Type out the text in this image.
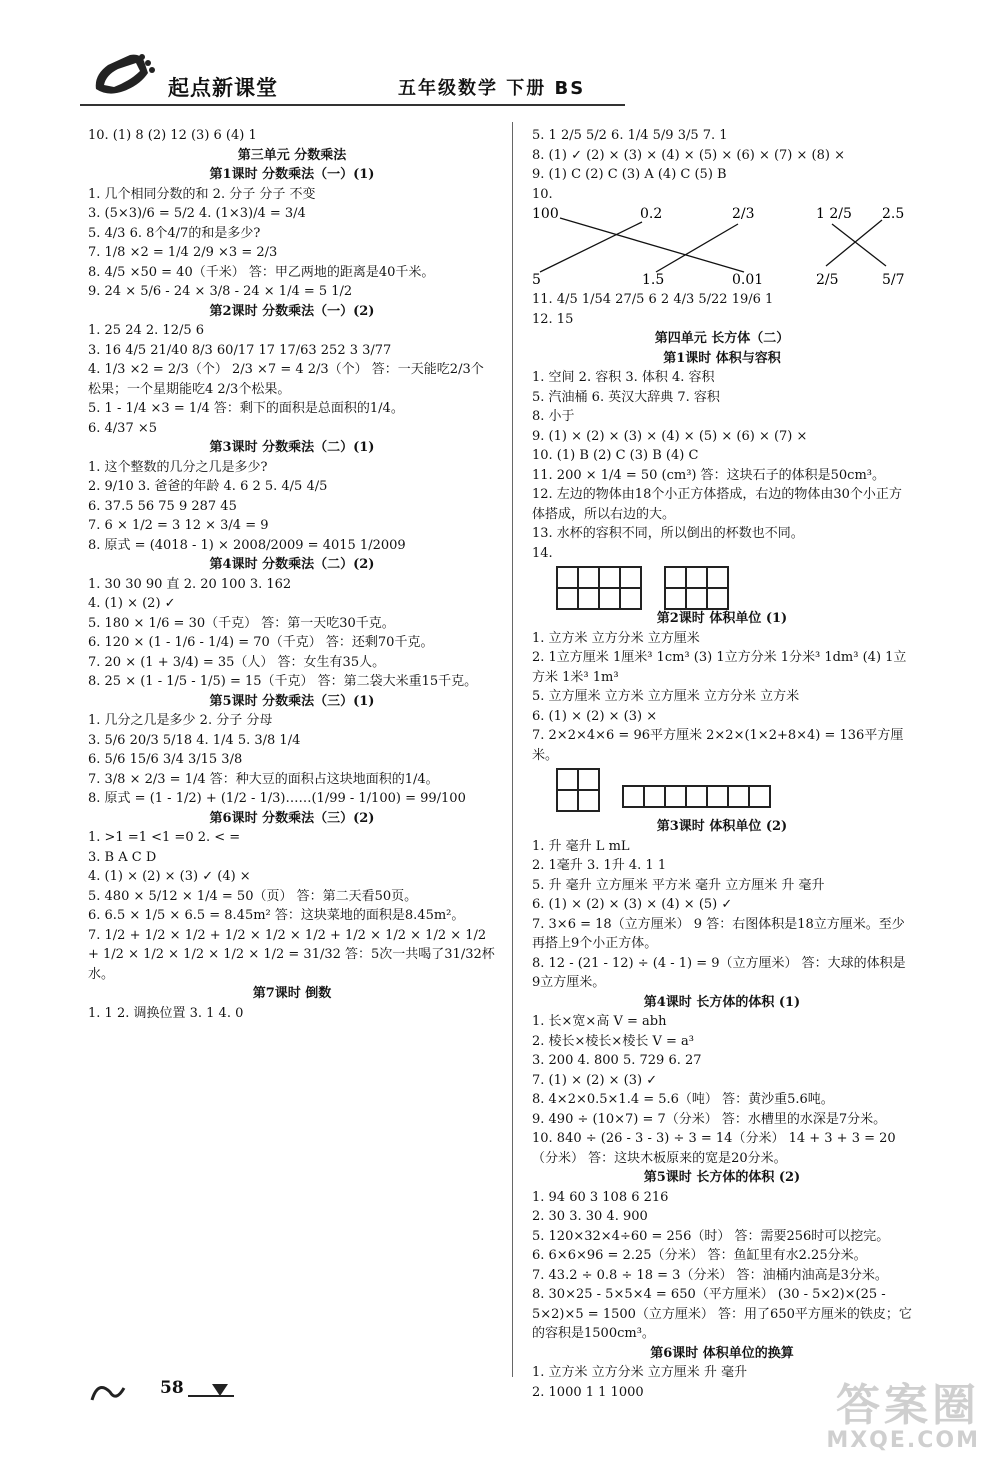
起点新课堂	五年级数学 下册 BS

10. (1) 8 (2) 12 (3) 6 (4) 1

第三单元 分数乘法

第1课时 分数乘法（一）(1)

1. 几个相同分数的和 2. 分子 分子 不变

3. (5×3)/6 = 5/2 4. (1×3)/4 = 3/4

5. 4/3 6. 8个4/7的和是多少?

7. 1/8 ×2 = 1/4 2/9 ×3 = 2/3

8. 4/5 ×50 = 40（千米） 答：甲乙两地的距离是40千米。

9. 24 × 5/6 - 24 × 3/8 - 24 × 1/4 = 5 1/2

第2课时 分数乘法（一）(2)

1. 25 24 2. 12/5 6

3. 16 4/5 21/40 8/3 60/17 17 17/63 252 3 3/77

4. 1/3 ×2 = 2/3（个） 2/3 ×7 = 4 2/3（个） 答：一天能吃2/3个松果；一个星期能吃4 2/3个松果。

5. 1 - 1/4 ×3 = 1/4 答：剩下的面积是总面积的1/4。

6. 4/37 ×5

第3课时 分数乘法（二）(1)

1. 这个整数的几分之几是多少?

2. 9/10 3. 爸爸的年龄 4. 6 2 5. 4/5 4/5

6. 37.5 56 75 9 287 45

7. 6 × 1/2 = 3 12 × 3/4 = 9

8. 原式 = (4018 - 1) × 2008/2009 = 4015 1/2009

第4课时 分数乘法（二）(2)

1. 30 30 90 直 2. 20 100 3. 162

4. (1) × (2) ✓

5. 180 × 1/6 = 30（千克） 答：第一天吃30千克。

6. 120 × (1 - 1/6 - 1/4) = 70（千克） 答：还剩70千克。

7. 20 × (1 + 3/4) = 35（人） 答：女生有35人。

8. 25 × (1 - 1/5 - 1/5) = 15（千克） 答：第二袋大米重15千克。

第5课时 分数乘法（三）(1)

1. 几分之几是多少 2. 分子 分母

3. 5/6 20/3 5/18 4. 1/4 5. 3/8 1/4

6. 5/6 15/6 3/4 3/15 3/8

7. 3/8 × 2/3 = 1/4 答：种大豆的面积占这块地面积的1/4。

8. 原式 = (1 - 1/2) + (1/2 - 1/3)……(1/99 - 1/100) = 99/100

第6课时 分数乘法（三）(2)

1. >1 =1 <1 =0 2. < =

3. B A C D

4. (1) × (2) × (3) ✓ (4) ×

5. 480 × 5/12 × 1/4 = 50（页） 答：第二天看50页。

6. 6.5 × 1/5 × 6.5 = 8.45m² 答：这块菜地的面积是8.45m²。

7. 1/2 + 1/2 × 1/2 + 1/2 × 1/2 × 1/2 + 1/2 × 1/2 × 1/2 × 1/2 + 1/2 × 1/2 × 1/2 × 1/2 × 1/2 = 31/32 答：5次一共喝了31/32杯水。

第7课时 倒数

1. 1 2. 调换位置 3. 1 4. 0

5. 1 2/5 5/2 6. 1/4 5/9 3/5 7. 1

8. (1) ✓ (2) × (3) × (4) × (5) × (6) × (7) × (8) ×

9. (1) C (2) C (3) A (4) C (5) B

10.

100	0.2	2/3
5	1.5	0.01
1 2/5 2.5
2/5	5/7

11. 4/5 1/54 27/5 6 2 4/3 5/22 19/6 1

12. 15

第四单元 长方体（二）

第1课时 体积与容积

1. 空间 2. 容积 3. 体积 4. 容积

5. 汽油桶 6. 英汉大辞典 7. 容积

8. 小于

9. (1) × (2) × (3) × (4) × (5) × (6) × (7) ×

10. (1) B (2) C (3) B (4) C

11. 200 × 1/4 = 50 (cm³) 答：这块石子的体积是50cm³。

12. 左边的物体由18个小正方体搭成，右边的物体由30个小正方体搭成，所以右边的大。

13. 水杯的容积不同，所以倒出的杯数也不同。

14.

第2课时 体积单位 (1)

1. 立方米 立方分米 立方厘米

2. 1立方厘米 1厘米³ 1cm³ (3) 1立方分米 1分米³ 1dm³ (4) 1立方米 1米³ 1m³

5. 立方厘米 立方米 立方厘米 立方分米 立方米

6. (1) × (2) × (3) ×

7. 2×2×4×6 = 96平方厘米 2×2×(1×2+8×4) = 136平方厘米。

第3课时 体积单位 (2)

1. 升 毫升 L mL

2. 1毫升 3. 1升 4. 1 1

5. 升 毫升 立方厘米 平方米 毫升 立方厘米 升 毫升

6. (1) × (2) × (3) × (4) × (5) ✓

7. 3×6 = 18（立方厘米） 9 答：右图体积是18立方厘米。至少再搭上9个小正方体。

8. 12 - (21 - 12) ÷ (4 - 1) = 9（立方厘米） 答：大球的体积是9立方厘米。

第4课时 长方体的体积 (1)

1. 长×宽×高 V = abh

2. 棱长×棱长×棱长 V = a³

3. 200 4. 800 5. 729 6. 27

7. (1) × (2) × (3) ✓

8. 4×2×0.5×1.4 = 5.6（吨） 答：黄沙重5.6吨。

9. 490 ÷ (10×7) = 7（分米） 答：水槽里的水深是7分米。

10. 840 ÷ (26 - 3 - 3) ÷ 3 = 14（分米） 14 + 3 + 3 = 20（分米） 答：这块木板原来的宽是20分米。

第5课时 长方体的体积 (2)

1. 94 60 3 108 6 216

2. 30 3. 30 4. 900

5. 120×32×4÷60 = 256（时） 答：需要256时可以挖完。

6. 6×6×96 = 2.25（分米） 答：鱼缸里有水2.25分米。

7. 43.2 ÷ 0.8 ÷ 18 = 3（分米） 答：油桶内油高是3分米。

8. 30×25 - 5×5×4 = 650（平方厘米） (30 - 5×2)×(25 - 5×2)×5 = 1500（立方厘米） 答：用了650平方厘米的铁皮；它的容积是1500cm³。

第6课时 体积单位的换算

1. 立方米 立方分米 立方厘米 升 毫升

2. 1000 1 1 1000

58	答案圈
MXQE.COM
